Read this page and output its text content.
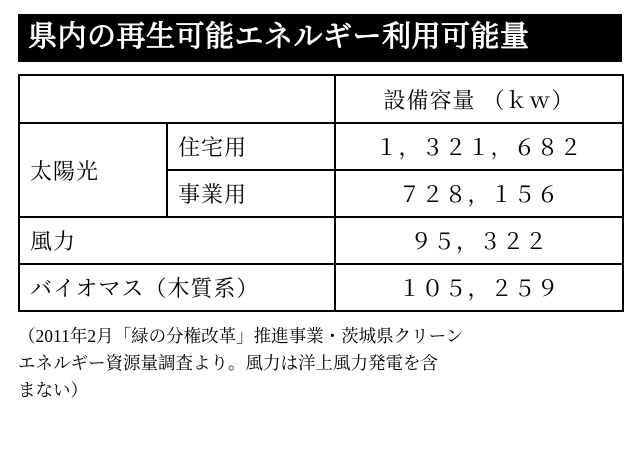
県内の再生可能エネルギー利用可能量
		設備容量 （ｋｗ）
太陽光	住宅用	１，３２１，６８２
	事業用	７２８，１５６
風力		９５，３２２
バイオマス（木質系）		１０５，２５９
（2011年2月「緑の分権改革」推進事業・茨城県クリーン
エネルギー資源量調査より。風力は洋上風力発電を含
まない）
